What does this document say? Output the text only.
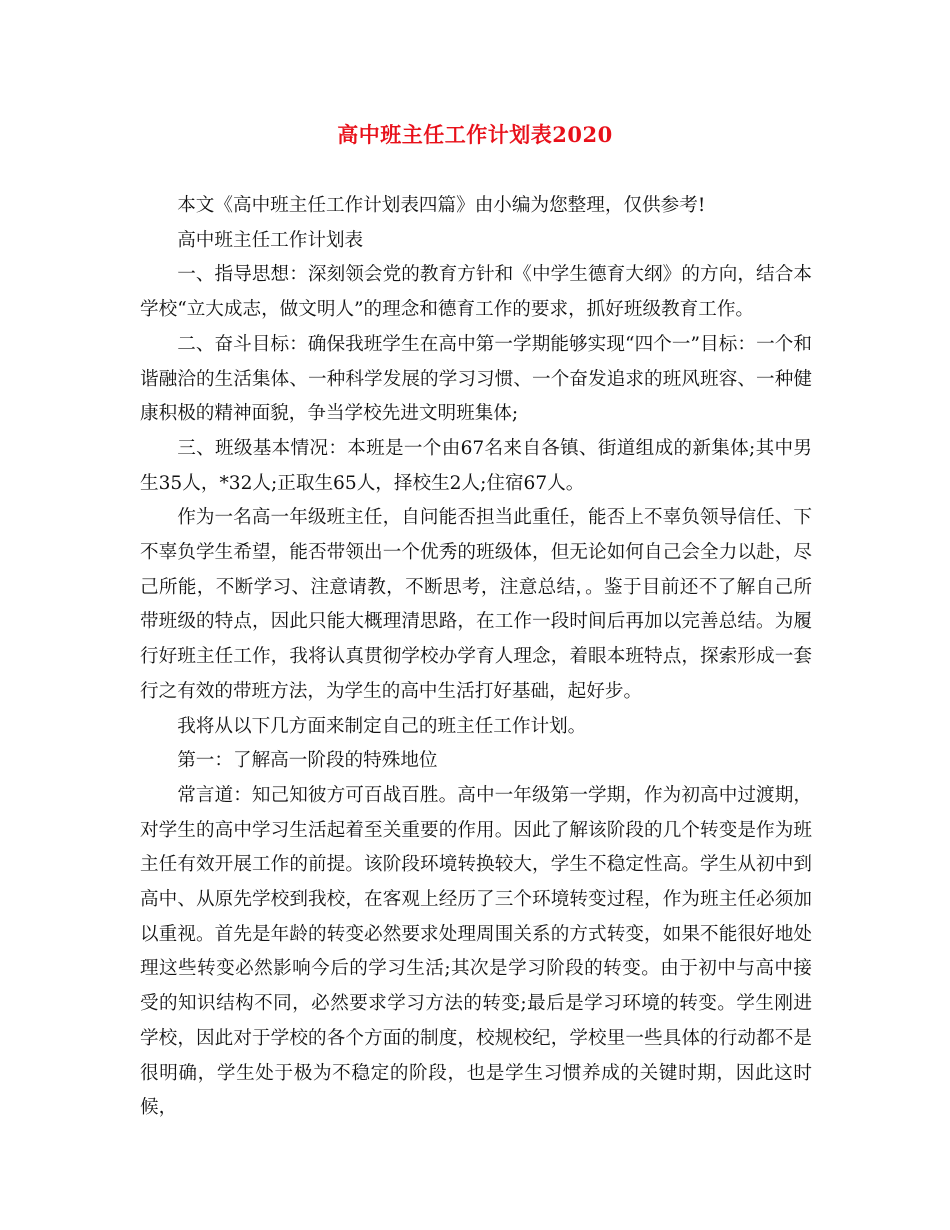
高中班主任工作计划表2020

本文《高中班主任工作计划表四篇》由小编为您整理，仅供参考!

高中班主任工作计划表

一、指导思想：深刻领会党的教育方针和《中学生德育大纲》的方向，结合本学校“立大成志，做文明人”的理念和德育工作的要求，抓好班级教育工作。

二、奋斗目标：确保我班学生在高中第一学期能够实现“四个一”目标：一个和谐融洽的生活集体、一种科学发展的学习习惯、一个奋发追求的班风班容、一种健康积极的精神面貌，争当学校先进文明班集体;

三、班级基本情况：本班是一个由67名来自各镇、街道组成的新集体;其中男生35人，*32人;正取生65人，择校生2人;住宿67人。

作为一名高一年级班主任，自问能否担当此重任，能否上不辜负领导信任、下不辜负学生希望，能否带领出一个优秀的班级体，但无论如何自己会全力以赴，尽己所能，不断学习、注意请教，不断思考，注意总结，。鉴于目前还不了解自己所带班级的特点，因此只能大概理清思路，在工作一段时间后再加以完善总结。为履行好班主任工作，我将认真贯彻学校办学育人理念，着眼本班特点，探索形成一套行之有效的带班方法，为学生的高中生活打好基础，起好步。

我将从以下几方面来制定自己的班主任工作计划。

第一：了解高一阶段的特殊地位

常言道：知己知彼方可百战百胜。高中一年级第一学期，作为初高中过渡期，对学生的高中学习生活起着至关重要的作用。因此了解该阶段的几个转变是作为班主任有效开展工作的前提。该阶段环境转换较大，学生不稳定性高。学生从初中到高中、从原先学校到我校，在客观上经历了三个环境转变过程，作为班主任必须加以重视。首先是年龄的转变必然要求处理周围关系的方式转变，如果不能很好地处理这些转变必然影响今后的学习生活;其次是学习阶段的转变。由于初中与高中接受的知识结构不同，必然要求学习方法的转变;最后是学习环境的转变。学生刚进学校，因此对于学校的各个方面的制度，校规校纪，学校里一些具体的行动都不是很明确，学生处于极为不稳定的阶段，也是学生习惯养成的关键时期，因此这时候，
